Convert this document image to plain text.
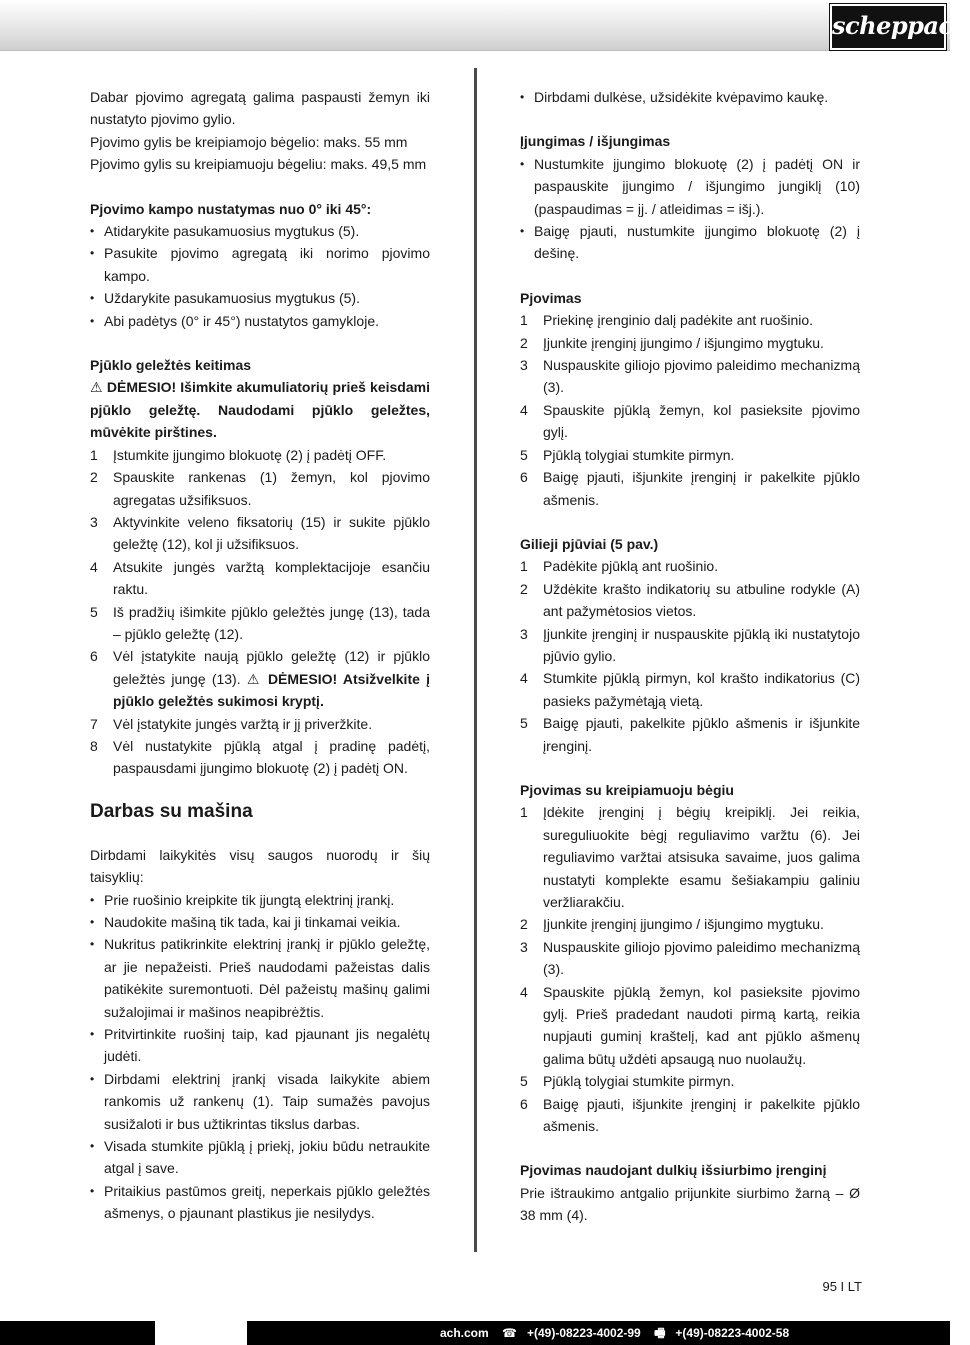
scheppach

Dabar pjovimo agregatą galima paspausti žemyn iki nustatyto pjovimo gylio.

Pjovimo gylis be kreipiamojo bėgelio: maks. 55 mm

Pjovimo gylis su kreipiamuoju bėgeliu: maks. 49,5 mm

Pjovimo kampo nustatymas nuo 0° iki 45°:
• Atidarykite pasukamuosius mygtukus (5).
• Pasukite pjovimo agregatą iki norimo pjovimo kampo.
• Uždarykite pasukamuosius mygtukus (5).
• Abi padėtys (0° ir 45°) nustatytos gamykloje.
Pjūklo geležtės keitimas

⚠ DĖMESIO! Išimkite akumuliatorių prieš keisdami pjūklo geležtę. Naudodami pjūklo geležtes, mūvėkite pirštines.

1 Įstumkite įjungimo blokuotę (2) į padėtį OFF.
2 Spauskite rankenas (1) žemyn, kol pjovimo agregatas užsifiksuos.
3 Aktyvinkite veleno fiksatorių (15) ir sukite pjūklo geležtę (12), kol ji užsifiksuos.
4 Atsukite jungės varžtą komplektacijoje esančiu raktu.
5 Iš pradžių išimkite pjūklo geležtės jungę (13), tada – pjūklo geležtę (12).
6 Vėl įstatykite naują pjūklo geležtę (12) ir pjūklo geležtės jungę (13). ⚠ DĖMESIO! Atsižvelkite į pjūklo geležtės sukimosi kryptį.
7 Vėl įstatykite jungės varžtą ir jį priveržkite.
8 Vėl nustatykite pjūklą atgal į pradinę padėtį, paspausdami įjungimo blokuotę (2) į padėtį ON.
Darbas su mašina

Dirbdami laikykitės visų saugos nuorodų ir šių taisyklių:

• Prie ruošinio kreipkite tik įjungtą elektrinį įrankį.
• Naudokite mašiną tik tada, kai ji tinkamai veikia.
• Nukritus patikrinkite elektrinį įrankį ir pjūklo geležtę, ar jie nepažeisti. Prieš naudodami pažeistas dalis patikėkite suremontuoti. Dėl pažeistų mašinų galimi sužalojimai ir mašinos neapibrėžtis.
• Pritvirtinkite ruošinį taip, kad pjaunant jis negalėtų judėti.
• Dirbdami elektrinį įrankį visada laikykite abiem rankomis už rankenų (1). Taip sumažės pavojus susižaloti ir bus užtikrintas tikslus darbas.
• Visada stumkite pjūklą į priekį, jokiu būdu netraukite atgal į save.
• Pritaikius pastūmos greitį, neperkais pjūklo geležtės ašmenys, o pjaunant plastikus jie nesilydys.
• Dirbdami dulkėse, užsidėkite kvėpavimo kaukę.
Įjungimas / išjungimas
• Nustumkite įjungimo blokuotę (2) į padėtį ON ir paspauskite įjungimo / išjungimo jungiklį (10) (paspaudimas = įj. / atleidimas = išj.).
• Baigę pjauti, nustumkite įjungimo blokuotę (2) į dešinę.
Pjovimas
1 Priekinę įrenginio dalį padėkite ant ruošinio.
2 Įjunkite įrenginį įjungimo / išjungimo mygtuku.
3 Nuspauskite giliojo pjovimo paleidimo mechanizmą (3).
4 Spauskite pjūklą žemyn, kol pasieksite pjovimo gylį.
5 Pjūklą tolygiai stumkite pirmyn.
6 Baigę pjauti, išjunkite įrenginį ir pakelkite pjūklo ašmenis.
Gilieji pjūviai (5 pav.)
1 Padėkite pjūklą ant ruošinio.
2 Uždėkite krašto indikatorių su atbuline rodykle (A) ant pažymėtosios vietos.
3 Įjunkite įrenginį ir nuspauskite pjūklą iki nustatytojo pjūvio gylio.
4 Stumkite pjūklą pirmyn, kol krašto indikatorius (C) pasieks pažymėtąją vietą.
5 Baigę pjauti, pakelkite pjūklo ašmenis ir išjunkite įrenginį.
Pjovimas su kreipiamuoju bėgiu
1 Įdėkite įrenginį į bėgių kreipiklį. Jei reikia, sureguliuokite bėgį reguliavimo varžtu (6). Jei reguliavimo varžtai atsisuka savaime, juos galima nustatyti komplekte esamu šešiakampiu galiniu veržliarakčiu.
2 Įjunkite įrenginį įjungimo / išjungimo mygtuku.
3 Nuspauskite giliojo pjovimo paleidimo mechanizmą (3).
4 Spauskite pjūklą žemyn, kol pasieksite pjovimo gylį. Prieš pradedant naudoti pirmą kartą, reikia nupjauti guminį kraštelį, kad ant pjūklo ašmenų galima būtų uždėti apsaugą nuo nuolaužų.
5 Pjūklą tolygiai stumkite pirmyn.
6 Baigę pjauti, išjunkite įrenginį ir pakelkite pjūklo ašmenis.
Pjovimas naudojant dulkių išsiurbimo įrenginį

Prie ištraukimo antgalio prijunkite siurbimo žarną – Ø 38 mm (4).

95 I LT
ach.com ☎ +(49)-08223-4002-99 🖷 +(49)-08223-4002-58
